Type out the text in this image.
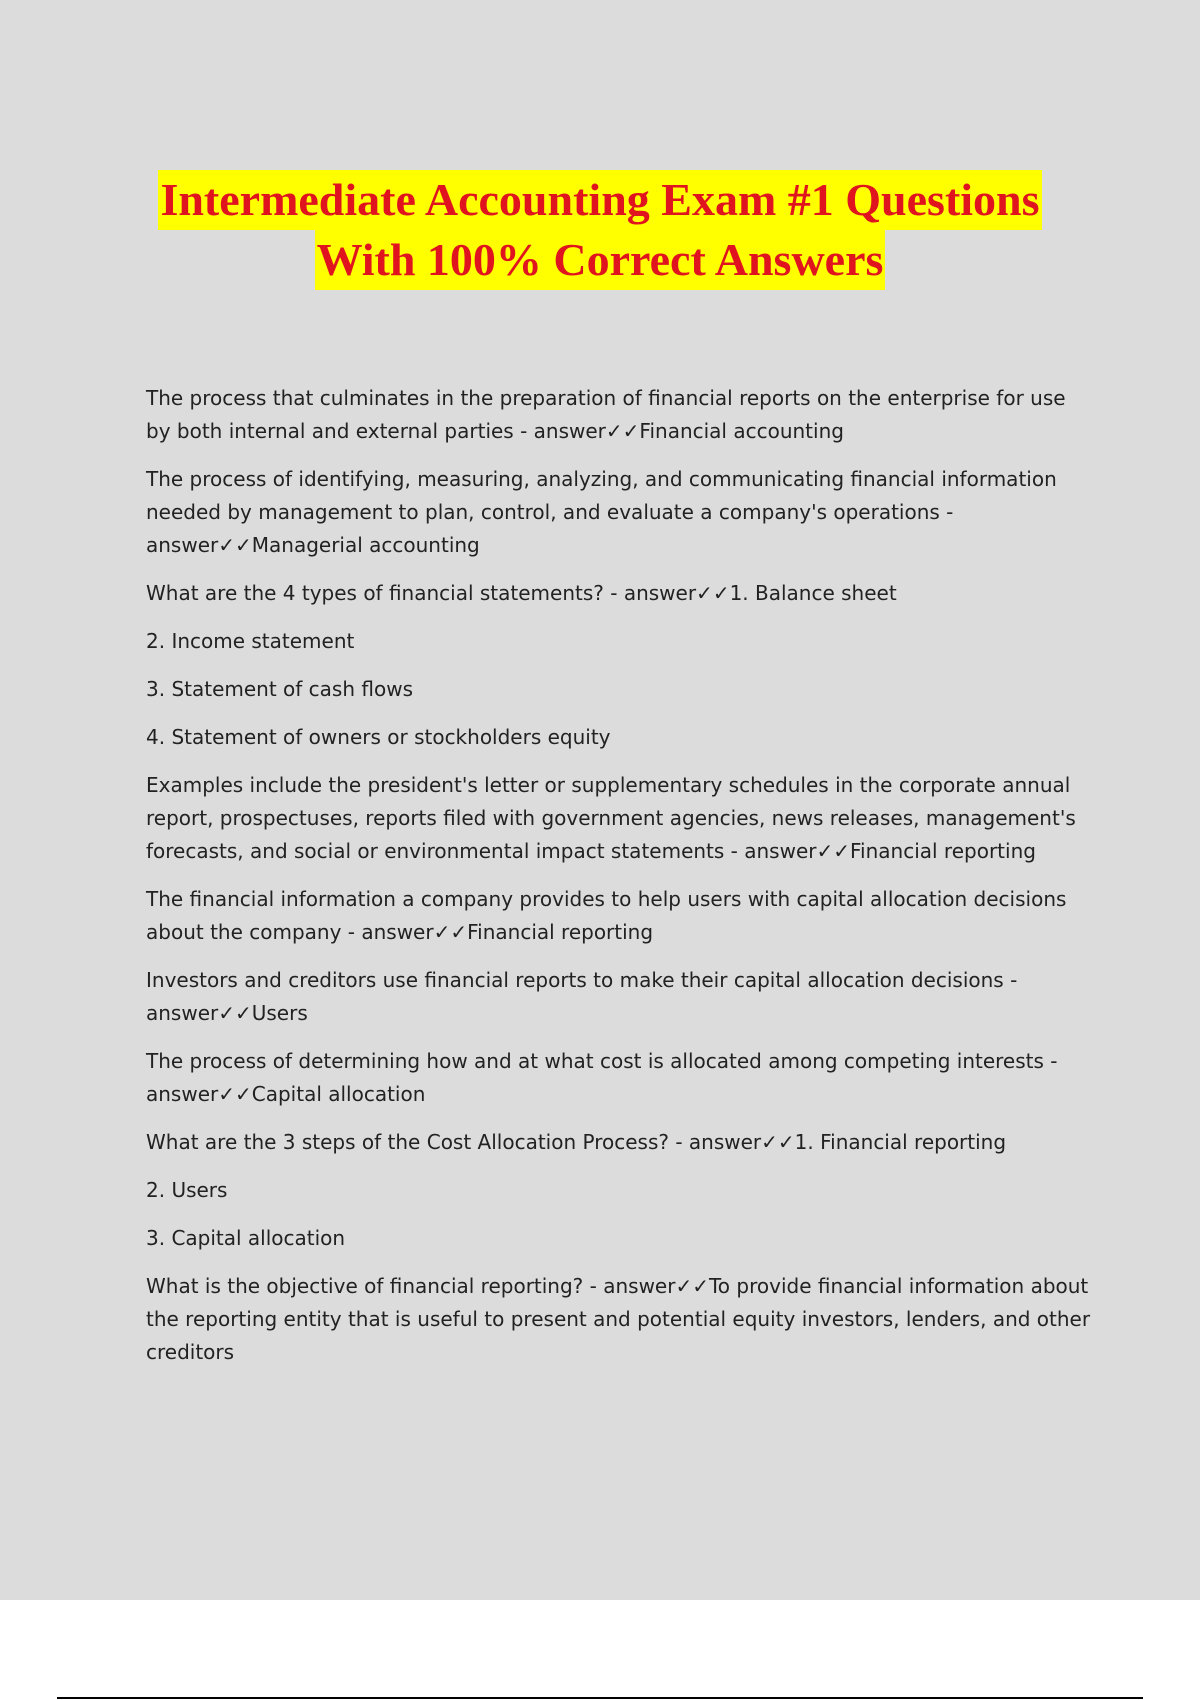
Intermediate Accounting Exam #1 Questions
With 100% Correct Answers

The process that culminates in the preparation of financial reports on the enterprise for use by both internal and external parties - answer✓✓Financial accounting

The process of identifying, measuring, analyzing, and communicating financial information needed by management to plan, control, and evaluate a company's operations - answer✓✓Managerial accounting

What are the 4 types of financial statements? - answer✓✓1. Balance sheet

2. Income statement

3. Statement of cash flows

4. Statement of owners or stockholders equity

Examples include the president's letter or supplementary schedules in the corporate annual report, prospectuses, reports filed with government agencies, news releases, management's forecasts, and social or environmental impact statements - answer✓✓Financial reporting

The financial information a company provides to help users with capital allocation decisions about the company - answer✓✓Financial reporting

Investors and creditors use financial reports to make their capital allocation decisions - answer✓✓Users

The process of determining how and at what cost is allocated among competing interests - answer✓✓Capital allocation

What are the 3 steps of the Cost Allocation Process? - answer✓✓1. Financial reporting

2. Users

3. Capital allocation

What is the objective of financial reporting? - answer✓✓To provide financial information about the reporting entity that is useful to present and potential equity investors, lenders, and other creditors
